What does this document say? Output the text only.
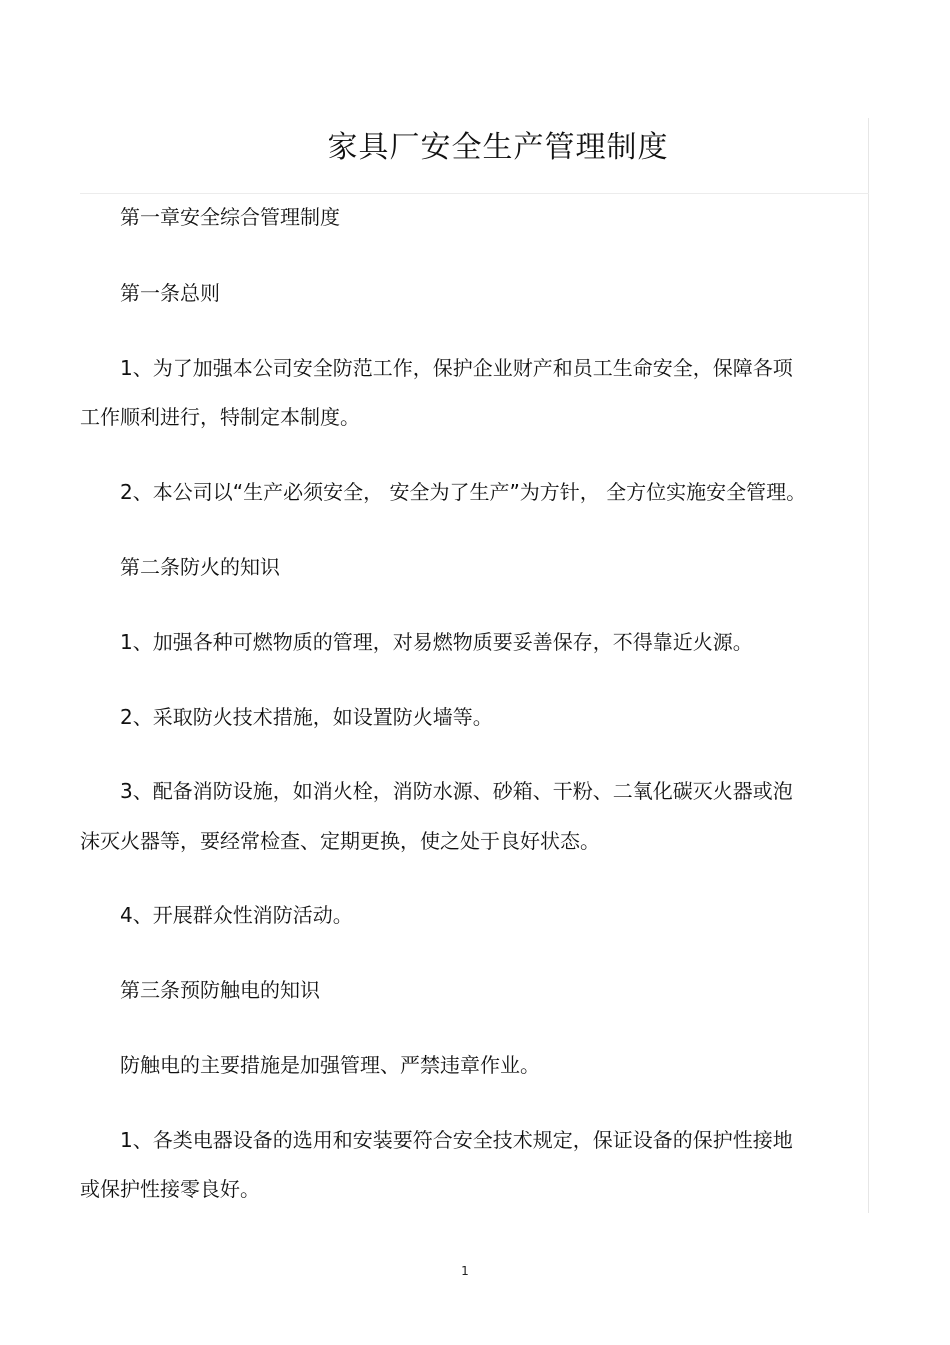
家具厂安全生产管理制度

第一章安全综合管理制度

第一条总则

1、为了加强本公司安全防范工作，保护企业财产和员工生命安全，保障各项

工作顺利进行，特制定本制度。

2、本公司以“生产必须安全， 安全为了生产”为方针， 全方位实施安全管理。

第二条防火的知识

1、加强各种可燃物质的管理，对易燃物质要妥善保存，不得靠近火源。

2、采取防火技术措施，如设置防火墙等。

3、配备消防设施，如消火栓，消防水源、砂箱、干粉、二氧化碳灭火器或泡

沫灭火器等，要经常检查、定期更换，使之处于良好状态。

4、开展群众性消防活动。

第三条预防触电的知识

防触电的主要措施是加强管理、严禁违章作业。

1、各类电器设备的选用和安装要符合安全技术规定，保证设备的保护性接地

或保护性接零良好。

1
